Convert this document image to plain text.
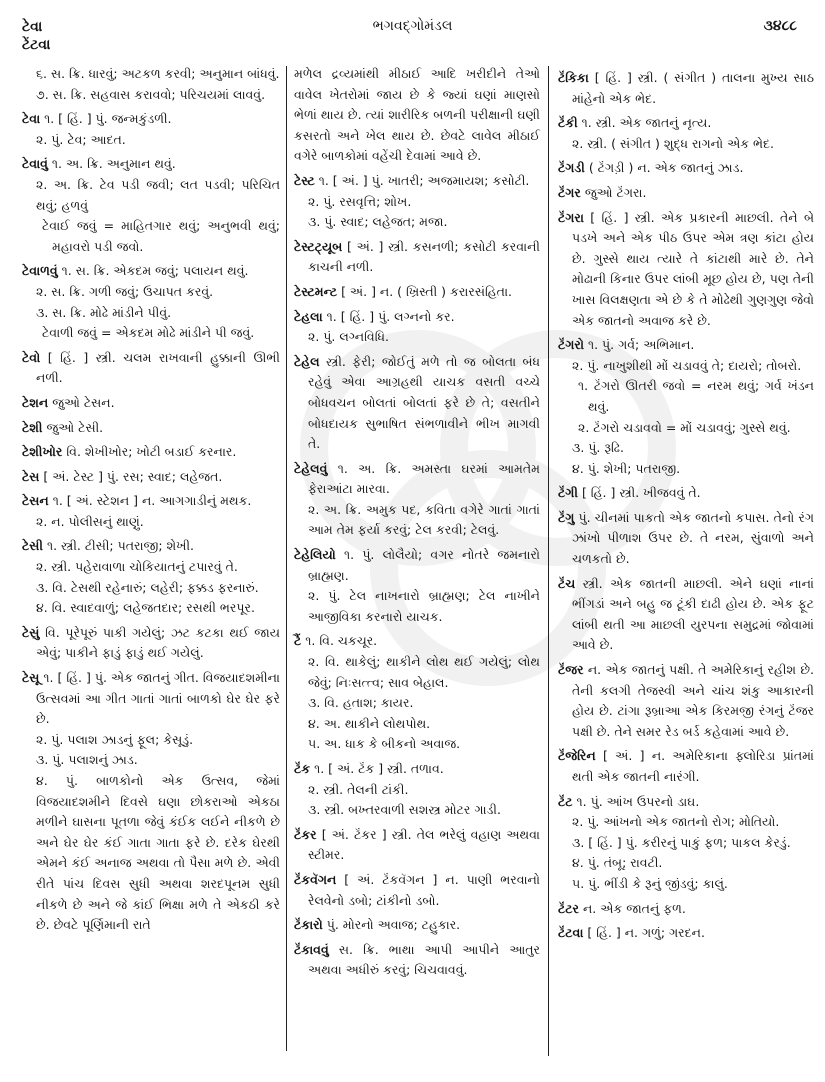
ટેવા
ટેંટવા
ભગવદ્ગોમંડલ	૩૪૮૮

૬. સ. ક્રિ. ધારવું; અટકળ કરવી; અનુમાન બાંધવું.

૭. સ. ક્રિ. સહવાસ કરાવવો; પરિચયમાં લાવવું.

ટેવા ૧. [ હિં. ] પું. જન્મકુંડળી.

૨. પું. ટેવ; આદત.

ટેવાવું ૧. અ. ક્રિ. અનુમાન થવું.

૨. અ. ક્રિ. ટેવ પડી જવી; લત પડવી; પરિચિત થવું; હળવું

ટેવાઈ જવું = માહિતગાર થવું; અનુભવી થવું; મહાવરો પડી જવો.

ટેવાળવું ૧. સ. ક્રિ. એકદમ જવું; પલાયન થવું.

૨. સ. ક્રિ. ગળી જવું; ઉચાપત કરવું.

૩. સ. ક્રિ. મોઢે માંડીને પીવું.

ટેવાળી જવું = એકદમ મોઢે માંડીને પી જવું.

ટેવો [ હિં. ] સ્ત્રી. ચલમ રાખવાની હુક્કાની ઊભી નળી.

ટેશન જુઓ ટેસન.

ટેશી જુઓ ટેસી.

ટેશીખોર વિ. શેખીખોર; ખોટી બડાઈ કરનાર.

ટેસ [ અં. ટેસ્ટ ] પું. રસ; સ્વાદ; લહેજત.

ટેસન ૧. [ અં. સ્ટેશન ] ન. આગગાડીનું મથક.

૨. ન. પોલીસનું થાણું.

ટેસી ૧. સ્ત્રી. ટીસી; પતરાજી; શેખી.

૨. સ્ત્રી. પહેરાવાળા ચોકિયાતનું ટપારવું તે.

૩. વિ. ટેસથી રહેનારું; લહેરી; ફક્કડ ફરનારું.

૪. વિ. સ્વાદવાળું; લહેજતદાર; રસથી ભરપૂર.

ટેસું વિ. પૂરેપૂરું પાકી ગયેલું; ઝટ કટકા થઈ જાય એવું; પાકીને ફાડું ફાડું થઈ ગયેલું.

ટેસૂ ૧. [ હિં. ] પું. એક જાતનું ગીત. વિજયાદશમીના ઉત્સવમાં આ ગીત ગાતાં ગાતાં બાળકો ઘેર ઘેર ફરે છે.

૨. પું. પલાશ ઝાડનું ફૂલ; કેસૂડું.

૩. પું. પલાશનું ઝાડ.

૪. પું. બાળકોનો એક ઉત્સવ, જેમાં વિજયાદશમીને દિવસે ઘણા છોકરાઓ એકઠા મળીને ઘાસના પૂતળા જેવું કંઈક લઈને નીકળે છે અને ઘેર ઘેર કંઈ ગાતા ગાતા ફરે છે. દરેક ઘેરથી એમને કંઈ અનાજ અથવા તો પૈસા મળે છે. એવી રીતે પાંચ દિવસ સુધી અથવા શરદપૂનમ સુધી નીકળે છે અને જે કાંઈ ભિક્ષા મળે તે એકઠી કરે છે. છેવટે પૂર્ણિમાની રાતે

મળેલ દ્રવ્યમાંથી મીઠાઈ આદિ ખરીદીને તેઓ વાવેલ ખેતરોમાં જાય છે કે જ્યાં ઘણાં માણસો ભેળાં થાય છે. ત્યાં શારીરિક બળની પરીક્ષાની ઘણી કસરતો અને ખેલ થાય છે. છેવટે લાવેલ મીઠાઈ વગેરે બાળકોમાં વહેંચી દેવામાં આવે છે.

ટેસ્ટ ૧. [ અં. ] પું. ખાતરી; અજમાયશ; કસોટી.

૨. પું. રસવૃત્તિ; શોખ.

૩. પું. સ્વાદ; લહેજત; મજા.

ટેસ્ટટ્યૂબ [ અં. ] સ્ત્રી. કસનળી; કસોટી કરવાની કાચની નળી.

ટેસ્ટમન્ટ [ અં. ] ન. ( ખ્રિસ્તી ) કરારસંહિતા.

ટેહલા ૧. [ હિં. ] પું. લગ્નનો કર.

૨. પું. લગ્નવિધિ.

ટેહેલ સ્ત્રી. ફેરી; જોઈતું મળે તો જ બોલતા બંધ રહેવું એવા આગ્રહથી યાચક વસતી વચ્ચે બોધવચન બોલતાં બોલતાં ફરે છે તે; વસતીને બોધદાયક સુભાષિત સંભળાવીને ભીખ માગવી તે.

ટેહેલવું ૧. અ. ક્રિ. અમસ્તા ઘરમાં આમતેમ ફેરાઆંટા મારવા.

૨. અ. ક્રિ. અમુક પદ, કવિતા વગેરે ગાતાં ગાતાં આમ તેમ ફર્યા કરવું; ટેલ કરવી; ટેલવું.

ટેહેલિયો ૧. પું. લોલૈયો; વગર નોતરે જમનારો બ્રાહ્મણ.

૨. પું. ટેલ નાખનારો બ્રાહ્મણ; ટેલ નાખીને આજીવિકા કરનારો યાચક.

ટૈં ૧. વિ. ચકચૂર.

૨. વિ. થાકેલું; થાકીને લોથ થઈ ગયેલું; લોથ જેવું; નિઃસત્ત્વ; સાવ બેહાલ.

૩. વિ. હતાશ; કાયર.

૪. અ. થાકીને લોથપોથ.

૫. અ. ધાક કે બીકનો અવાજ.

ટૅંક ૧. [ અં. ટૅંક ] સ્ત્રી. તળાવ.

૨. સ્ત્રી. તેલની ટાંકી.

૩. સ્ત્રી. બખ્તરવાળી સશસ્ત્ર મોટર ગાડી.

ટૅંકર [ અં. ટૅંકર ] સ્ત્રી. તેલ ભરેલું વહાણ અથવા સ્ટીમર.

ટૅંકવૅગન [ અં. ટૅંકવૅગન ] ન. પાણી ભરવાનો રેલવેનો ડબો; ટાંકીનો ડબો.

ટૅંકારો પું. મોરનો અવાજ; ટહુકાર.

ટૅંકાવવું સ. ક્રિ. ભાથા આપી આપીને આતુર અથવા અધીરું કરવું; ચિચવાવવું.

ટૅંકિકા [ હિં. ] સ્ત્રી. ( સંગીત ) તાલના મુખ્ય સાઠ માંહેનો એક ભેદ.

ટૅંકી ૧. સ્ત્રી. એક જાતનું નૃત્ય.

૨. સ્ત્રી. ( સંગીત ) શુદ્ધ રાગનો એક ભેદ.

ટૅંગડી ( ટૅંગડ઼ી ) ન. એક જાતનું ઝાડ.

ટૅંગર જુઓ ટૅંગરા.

ટૅંગરા [ હિં. ] સ્ત્રી. એક પ્રકારની માછલી. તેને બે પડખે અને એક પીઠ ઉપર એમ ત્રણ કાંટા હોય છે. ગુસ્સે થાય ત્યારે તે કાંટાથી મારે છે. તેને મોઢાની કિનાર ઉપર લાંબી મૂછ હોય છે, પણ તેની ખાસ વિલક્ષણતા એ છે કે તે મોઢેથી ગુણગુણ જેવો એક જાતનો અવાજ કરે છે.

ટૅંગરો ૧. પું. ગર્વ; અભિમાન.

૨. પું. નાખુશીથી મોં ચડાવવું તે; દાયરો; તોબરો.

૧. ટૅંગરો ઊતરી જવો = નરમ થવું; ગર્વ ખંડન થવું.

૨. ટૅંગરો ચડાવવો = મોં ચડાવવું; ગુસ્સે થવું.

૩. પું. રૂઢિ.

૪. પું. શેખી; પતરાજી.

ટૅંગી [ હિં. ] સ્ત્રી. ખીજવવું તે.

ટૅંગુ પું. ચીનમાં પાકતો એક જાતનો કપાસ. તેનો રંગ ઝાંખો પીળાશ ઉપર છે. તે નરમ, સુંવાળો અને ચળકતો છે.

ટૅંચ સ્ત્રી. એક જાતની માછલી. એને ઘણાં નાનાં ભીંગડાં અને બહુ જ ટૂંકી દાઢી હોય છે. એક ફૂટ લાંબી થતી આ માછલી યુરપના સમુદ્રમાં જોવામાં આવે છે.

ટૅંજર ન. એક જાતનું પક્ષી. તે અમેરિકાનું રહીશ છે. તેની કલગી તેજસ્વી અને ચાંચ શંકુ આકારની હોય છે. ટાંગા રૂબ્રાઆ એક કિરમજી રંગનું ટૅંજર પક્ષી છે. તેને સમર રેડ બર્ડ કહેવામાં આવે છે.

ટૅંજેરિન [ અં. ] ન. અમેરિકાના ફ્લોરિડા પ્રાંતમાં થતી એક જાતની નારંગી.

ટૅંટ ૧. પું. આંખ ઉપરનો ડાઘ.

૨. પું. આંખનો એક જાતનો રોગ; મોતિયો.

૩. [ હિં. ] પું. કરીરનું પાકું ફળ; પાકલ કેરડું.

૪. પું. તંબૂ; રાવટી.

૫. પું. ભીંડી કે રૂનું જીંડવું; કાલું.

ટૅંટર ન. એક જાતનું ફળ.

ટૅંટવા [ હિં. ] ન. ગળું; ગરદન.
